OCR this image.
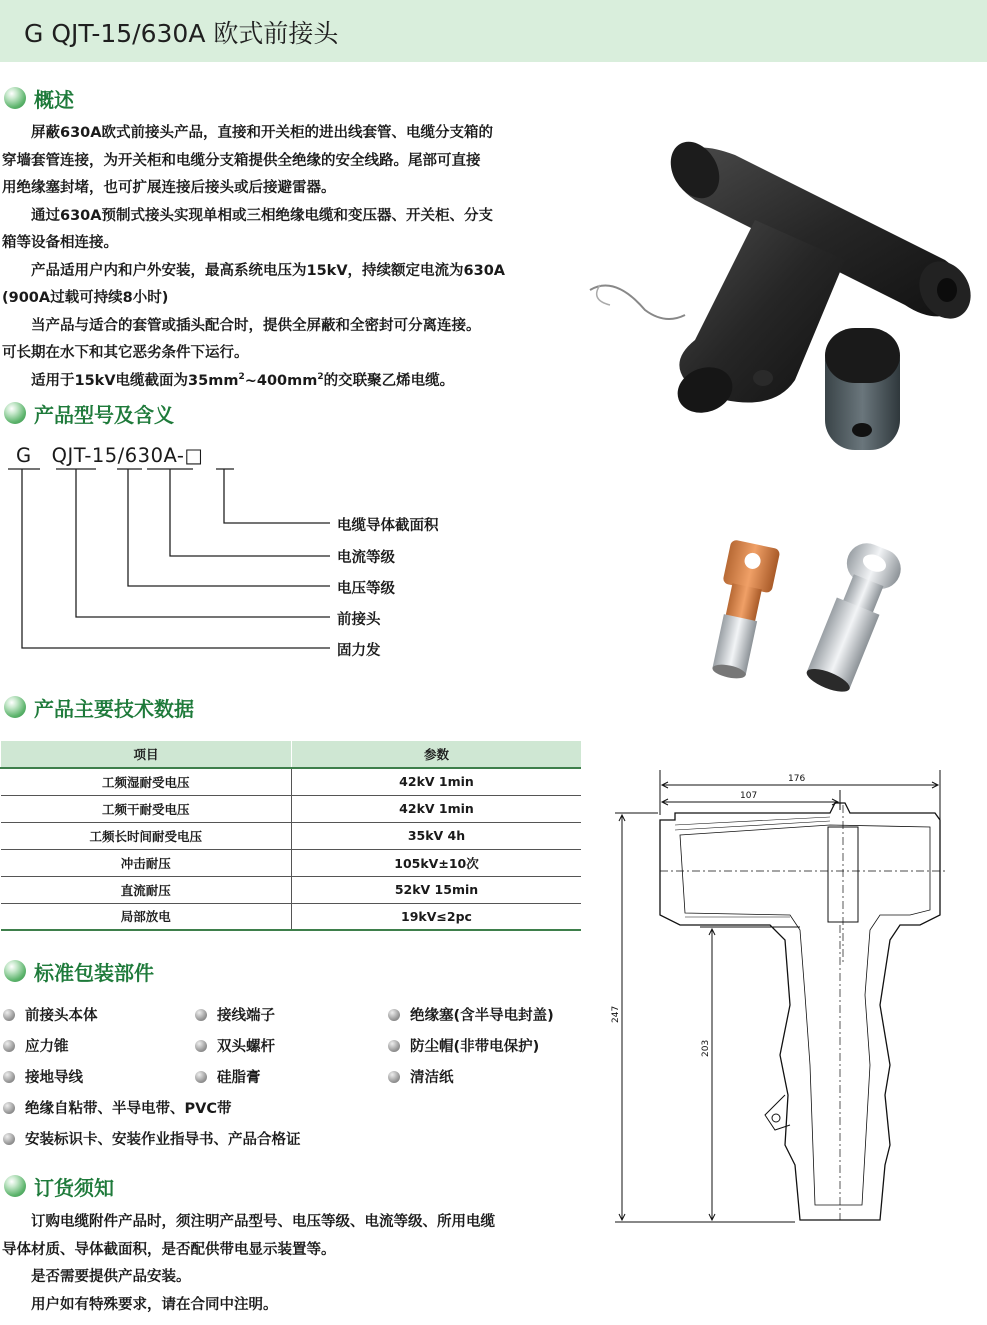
G QJT-15/630A 欧式前接头
概述
　　屏蔽630A欧式前接头产品，直接和开关柜的进出线套管、电缆分支箱的
穿墙套管连接，为开关柜和电缆分支箱提供全绝缘的安全线路。尾部可直接
用绝缘塞封堵，也可扩展连接后接头或后接避雷器。
　　通过630A预制式接头实现单相或三相绝缘电缆和变压器、开关柜、分支
箱等设备相连接。
　　产品适用户内和户外安装，最高系统电压为15kV，持续额定电流为630A
(900A过载可持续8小时)
　　当产品与适合的套管或插头配合时，提供全屏蔽和全密封可分离连接。
可长期在水下和其它恶劣条件下运行。
　　适用于15kV电缆截面为$35mm^2\sim 400mm^2$的交联聚乙烯电缆。
产品型号及含义
G　QJT-15/630A-□
电缆导体截面积
电流等级
电压等级
前接头
固力发
产品主要技术数据
项目	参数
工频湿耐受电压	42kV 1min
工频干耐受电压	42kV 1min
工频长时间耐受电压	35kV 4h
冲击耐压	105kV±10次
直流耐压	52kV 15min
局部放电	19kV≤2pc
标准包装部件
前接头本体	接线端子	绝缘塞(含半导电封盖)
应力锥	双头螺杆	防尘帽(非带电保护)
接地导线	硅脂膏	清洁纸
绝缘自粘带、半导电带、PVC带
安装标识卡、安装作业指导书、产品合格证
订货须知
　　订购电缆附件产品时，须注明产品型号、电压等级、电流等级、所用电缆
导体材质、导体截面积，是否配供带电显示装置等。
　　是否需要提供产品安装。
　　用户如有特殊要求，请在合同中注明。
176
107
247
203
